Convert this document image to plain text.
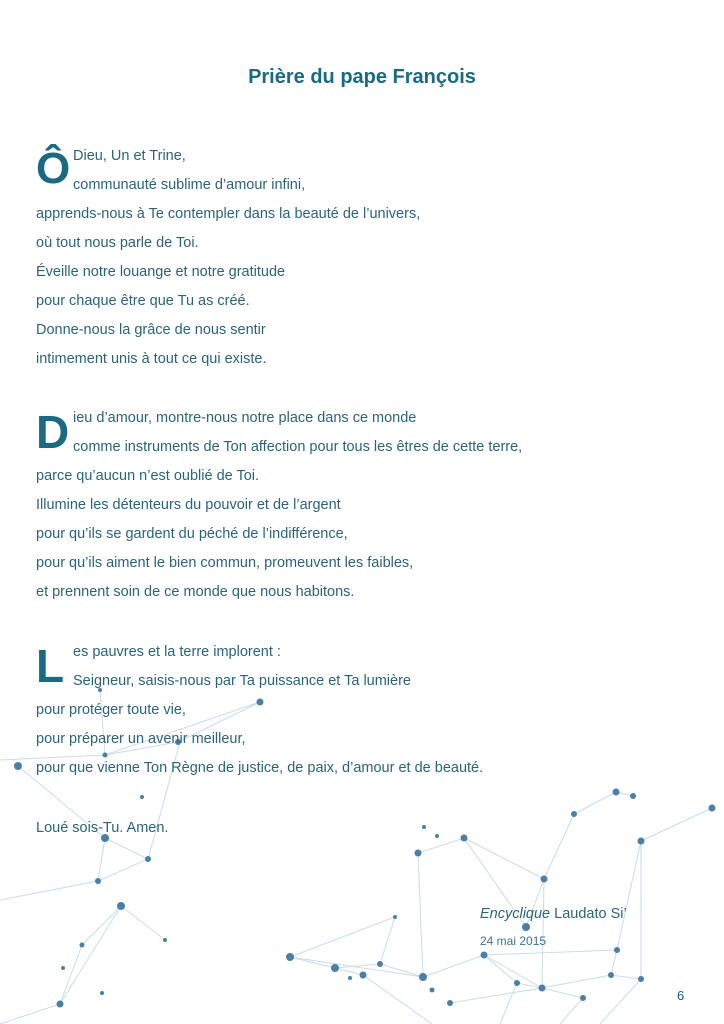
Prière du pape François
Ô Dieu, Un et Trine,
communauté sublime d’amour infini,
apprends-nous à Te contempler dans la beauté de l’univers,
où tout nous parle de Toi.
Éveille notre louange et notre gratitude
pour chaque être que Tu as créé.
Donne-nous la grâce de nous sentir
intimement unis à tout ce qui existe.
D ieu d’amour, montre-nous notre place dans ce monde
comme instruments de Ton affection pour tous les êtres de cette terre,
parce qu’aucun n’est oublié de Toi.
Illumine les détenteurs du pouvoir et de l’argent
pour qu’ils se gardent du péché de l’indifférence,
pour qu’ils aiment le bien commun, promeuvent les faibles,
et prennent soin de ce monde que nous habitons.
L es pauvres et la terre implorent :
Seigneur, saisis-nous par Ta puissance et Ta lumière
pour protéger toute vie,
pour préparer un avenir meilleur,
pour que vienne Ton Règne de justice, de paix, d’amour et de beauté.
Loué sois-Tu. Amen.
Encyclique Laudato Si’
24 mai 2015
6
